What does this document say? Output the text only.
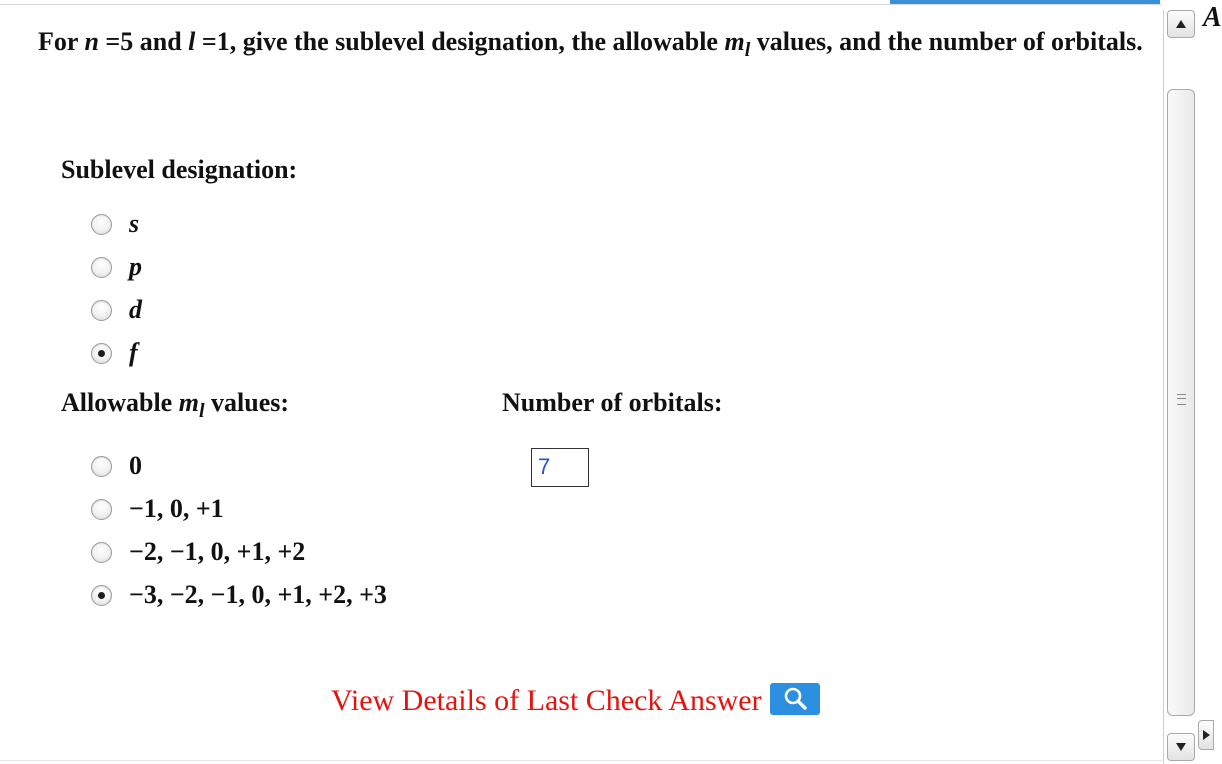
For n =5 and l =1, give the sublevel designation, the allowable $m_l$ values, and the number of orbitals.
Sublevel designation:
s
p
d
f
Allowable $m_l$ values:	Number of orbitals:
7
0
−1, 0, +1
−2, −1, 0, +1, +2
−3, −2, −1, 0, +1, +2, +3
View Details of Last Check Answer
A
